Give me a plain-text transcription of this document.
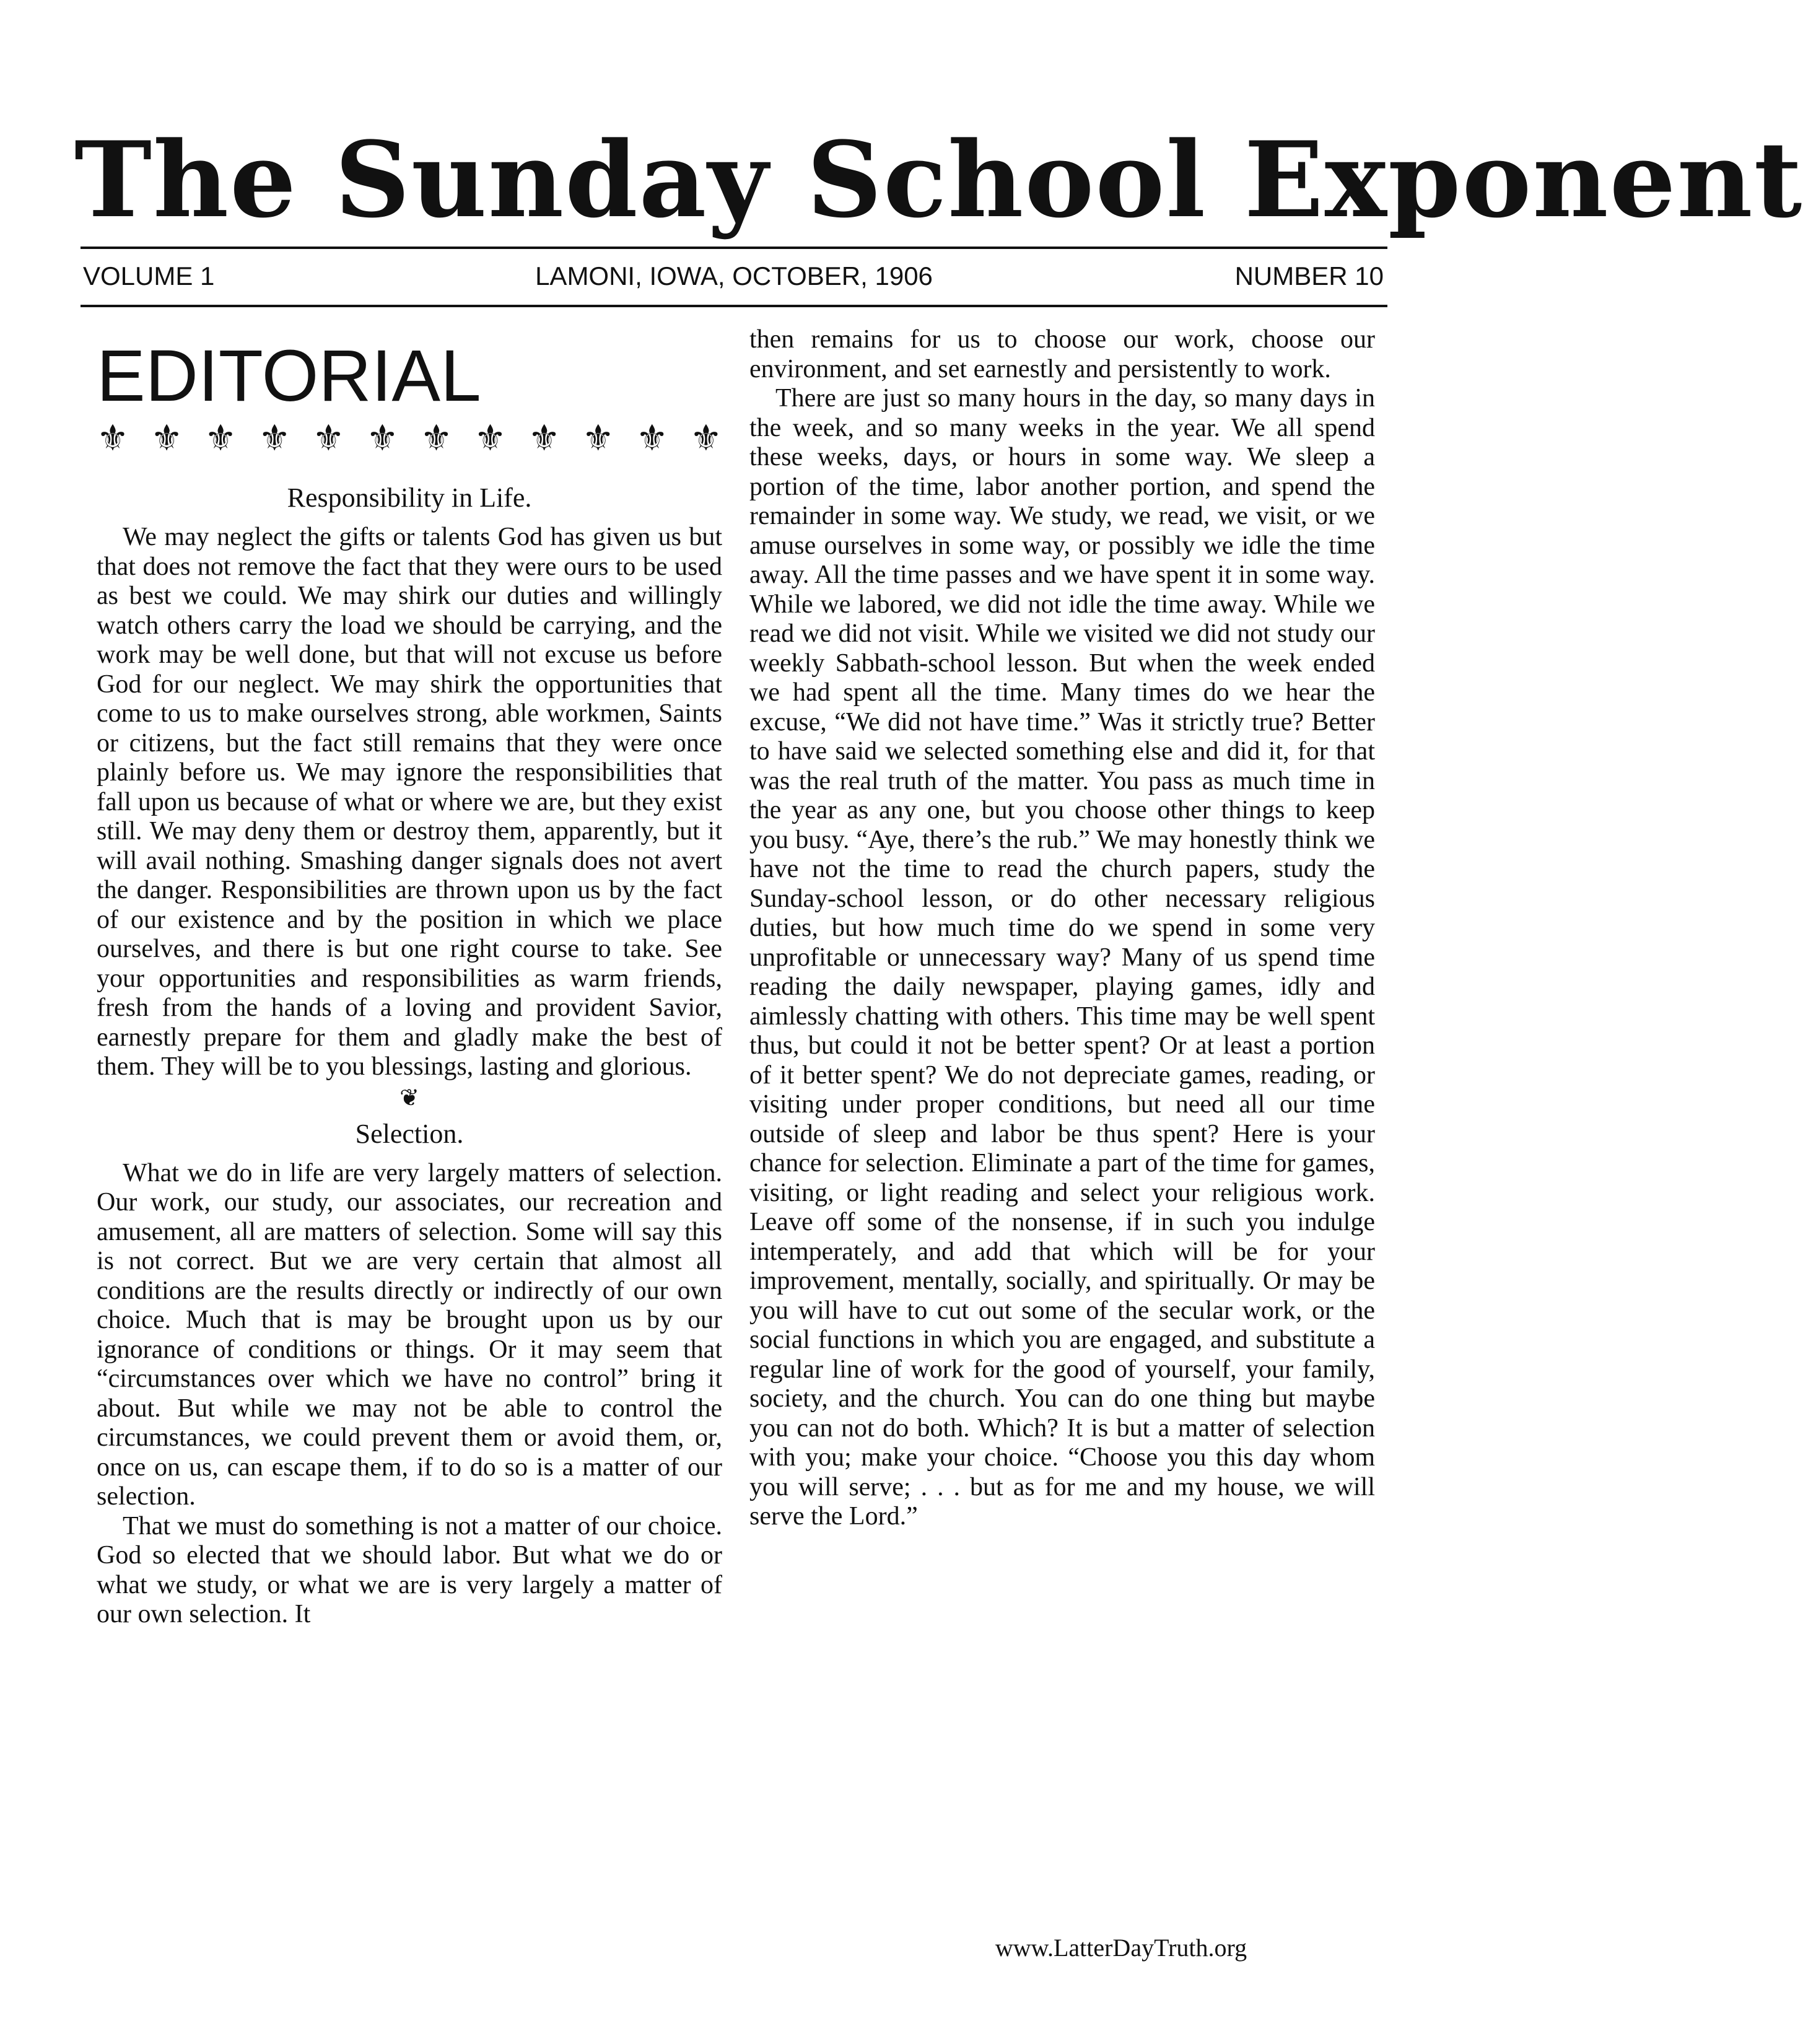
The Sunday School Exponent
VOLUME 1	LAMONI, IOWA, OCTOBER, 1906	NUMBER 10
EDITORIAL
⚜ ⚜ ⚜ ⚜ ⚜ ⚜ ⚜ ⚜ ⚜ ⚜ ⚜ ⚜
Responsibility in Life.

We may neglect the gifts or talents God has given us but that does not remove the fact that they were ours to be used as best we could. We may shirk our duties and willingly watch others carry the load we should be carrying, and the work may be well done, but that will not excuse us before God for our neglect. We may shirk the opportunities that come to us to make ourselves strong, able workmen, Saints or citizens, but the fact still remains that they were once plainly before us. We may ignore the responsibilities that fall upon us because of what or where we are, but they exist still. We may deny them or destroy them, apparently, but it will avail nothing. Smashing danger signals does not avert the danger. Responsibilities are thrown upon us by the fact of our existence and by the position in which we place ourselves, and there is but one right course to take. See your opportunities and responsibilities as warm friends, fresh from the hands of a loving and provident Savior, earnestly prepare for them and gladly make the best of them. They will be to you blessings, lasting and glorious.

❦
Selection.

What we do in life are very largely matters of selection. Our work, our study, our associates, our recreation and amusement, all are matters of selection. Some will say this is not correct. But we are very certain that almost all conditions are the results directly or indirectly of our own choice. Much that is may be brought upon us by our ignorance of conditions or things. Or it may seem that “circumstances over which we have no control” bring it about. But while we may not be able to control the circumstances, we could prevent them or avoid them, or, once on us, can escape them, if to do so is a matter of our selection.

That we must do something is not a matter of our choice. God so elected that we should labor. But what we do or what we study, or what we are is very largely a matter of our own selection. It

then remains for us to choose our work, choose our environment, and set earnestly and persistently to work.

There are just so many hours in the day, so many days in the week, and so many weeks in the year. We all spend these weeks, days, or hours in some way. We sleep a portion of the time, labor another portion, and spend the remainder in some way. We study, we read, we visit, or we amuse ourselves in some way, or possibly we idle the time away. All the time passes and we have spent it in some way. While we labored, we did not idle the time away. While we read we did not visit. While we visited we did not study our weekly Sabbath-school lesson. But when the week ended we had spent all the time. Many times do we hear the excuse, “We did not have time.” Was it strictly true? Better to have said we selected something else and did it, for that was the real truth of the matter. You pass as much time in the year as any one, but you choose other things to keep you busy. “Aye, there’s the rub.” We may honestly think we have not the time to read the church papers, study the Sunday-school lesson, or do other necessary religious duties, but how much time do we spend in some very unprofitable or unnecessary way? Many of us spend time reading the daily newspaper, playing games, idly and aimlessly chatting with others. This time may be well spent thus, but could it not be better spent? Or at least a portion of it better spent? We do not depreciate games, reading, or visiting under proper conditions, but need all our time outside of sleep and labor be thus spent? Here is your chance for selection. Eliminate a part of the time for games, visiting, or light reading and select your religious work. Leave off some of the nonsense, if in such you indulge intemperately, and add that which will be for your improvement, mentally, socially, and spiritually. Or may be you will have to cut out some of the secular work, or the social functions in which you are engaged, and substitute a regular line of work for the good of yourself, your family, society, and the church. You can do one thing but maybe you can not do both. Which? It is but a matter of selection with you; make your choice. “Choose you this day whom you will serve; . . . but as for me and my house, we will serve the Lord.”

www.LatterDayTruth.org
